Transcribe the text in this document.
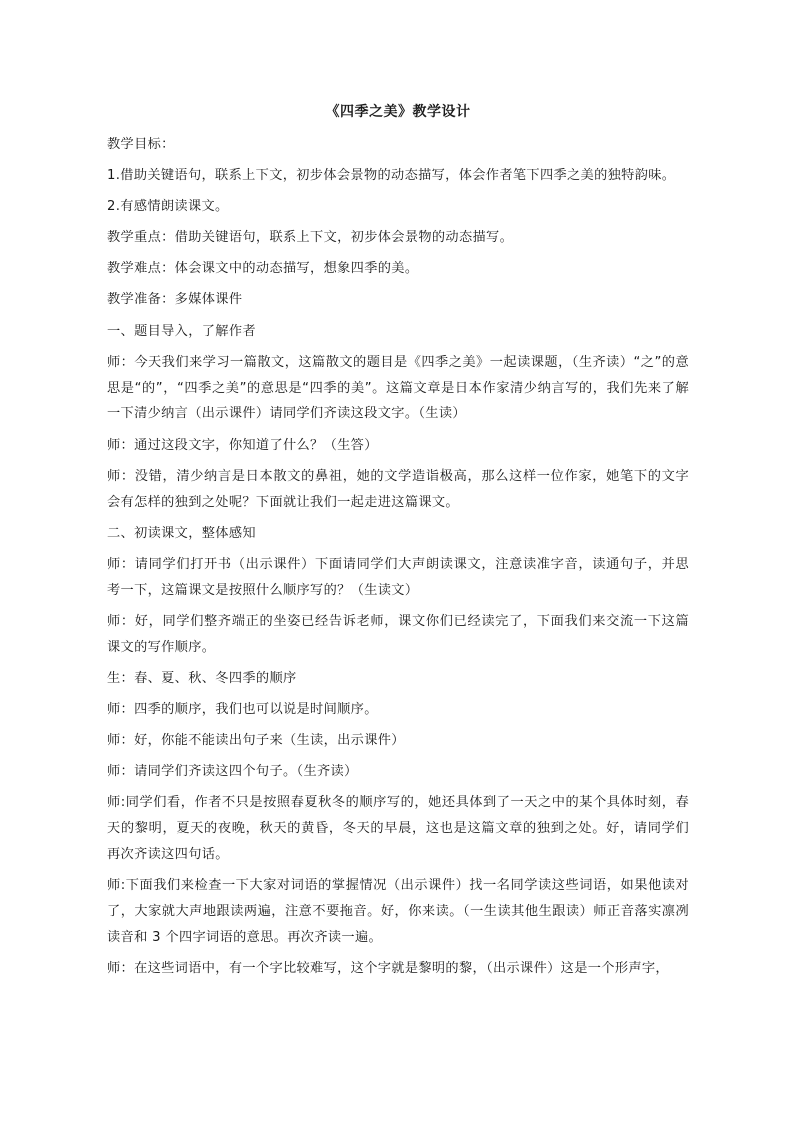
《四季之美》教学设计

教学目标：

1.借助关键语句，联系上下文，初步体会景物的动态描写，体会作者笔下四季之美的独特韵味。

2.有感情朗读课文。

教学重点：借助关键语句，联系上下文，初步体会景物的动态描写。

教学难点：体会课文中的动态描写，想象四季的美。

教学准备：多媒体课件

一、题目导入，了解作者

师：今天我们来学习一篇散文，这篇散文的题目是《四季之美》一起读课题，（生齐读）“之”的意思是“的”，“四季之美”的意思是“四季的美”。这篇文章是日本作家清少纳言写的，我们先来了解一下清少纳言（出示课件）请同学们齐读这段文字。（生读）

师：通过这段文字，你知道了什么？（生答）

师：没错，清少纳言是日本散文的鼻祖，她的文学造诣极高，那么这样一位作家，她笔下的文字会有怎样的独到之处呢？下面就让我们一起走进这篇课文。

二、初读课文，整体感知

师：请同学们打开书（出示课件）下面请同学们大声朗读课文，注意读准字音，读通句子，并思考一下，这篇课文是按照什么顺序写的？（生读文）

师：好，同学们整齐端正的坐姿已经告诉老师，课文你们已经读完了，下面我们来交流一下这篇课文的写作顺序。

生：春、夏、秋、冬四季的顺序

师：四季的顺序，我们也可以说是时间顺序。

师：好，你能不能读出句子来（生读，出示课件）

师：请同学们齐读这四个句子。（生齐读）

师:同学们看，作者不只是按照春夏秋冬的顺序写的，她还具体到了一天之中的某个具体时刻，春天的黎明，夏天的夜晚，秋天的黄昏，冬天的早晨，这也是这篇文章的独到之处。好，请同学们再次齐读这四句话。

师:下面我们来检查一下大家对词语的掌握情况（出示课件）找一名同学读这些词语，如果他读对了，大家就大声地跟读两遍，注意不要拖音。好，你来读。（一生读其他生跟读）师正音落实凛冽读音和 3 个四字词语的意思。再次齐读一遍。

师：在这些词语中，有一个字比较难写，这个字就是黎明的黎，（出示课件）这是一个形声字，
